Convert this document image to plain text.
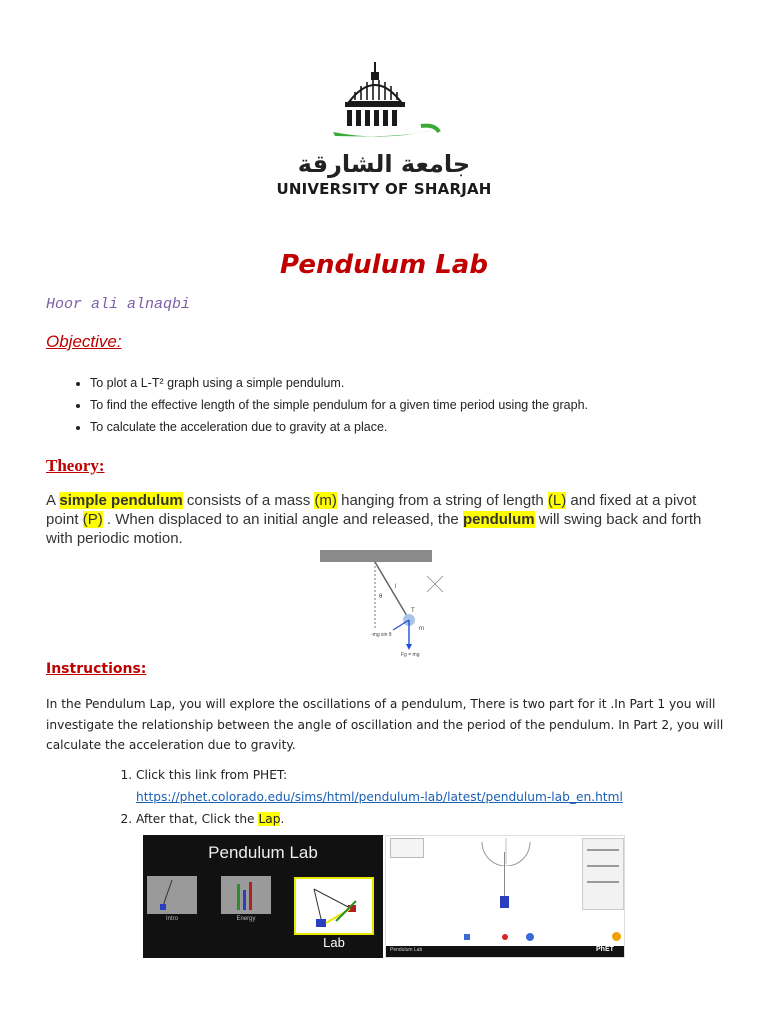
جامعة الشارقة
UNIVERSITY OF SHARJAH
Pendulum Lab
Hoor ali alnaqbi
Objective:
• To plot a L-T² graph using a simple pendulum.
• To find the effective length of the simple pendulum for a given time period using the graph.
• To calculate the acceleration due to gravity at a place.
Theory:
A simple pendulum consists of a mass (m) hanging from a string of length (L) and fixed at a pivot point (P) . When displaced to an initial angle and released, the pendulum will swing back and forth with periodic motion.
l
θ
T
m
-mg sin θ
Fg = mg
Instructions:
In the Pendulum Lap, you will explore the oscillations of a pendulum, There is two part for it .In Part 1 you will investigate the relationship between the angle of oscillation and the period of the pendulum. In Part 2, you will calculate the acceleration due to gravity.
1. Click this link from PHET:
https://phet.colorado.edu/sims/html/pendulum-lab/latest/pendulum-lab_en.html
2. After that, Click the Lap.
Pendulum Lab
Intro	Energy
Lab	Pendulum Lab	PhET
